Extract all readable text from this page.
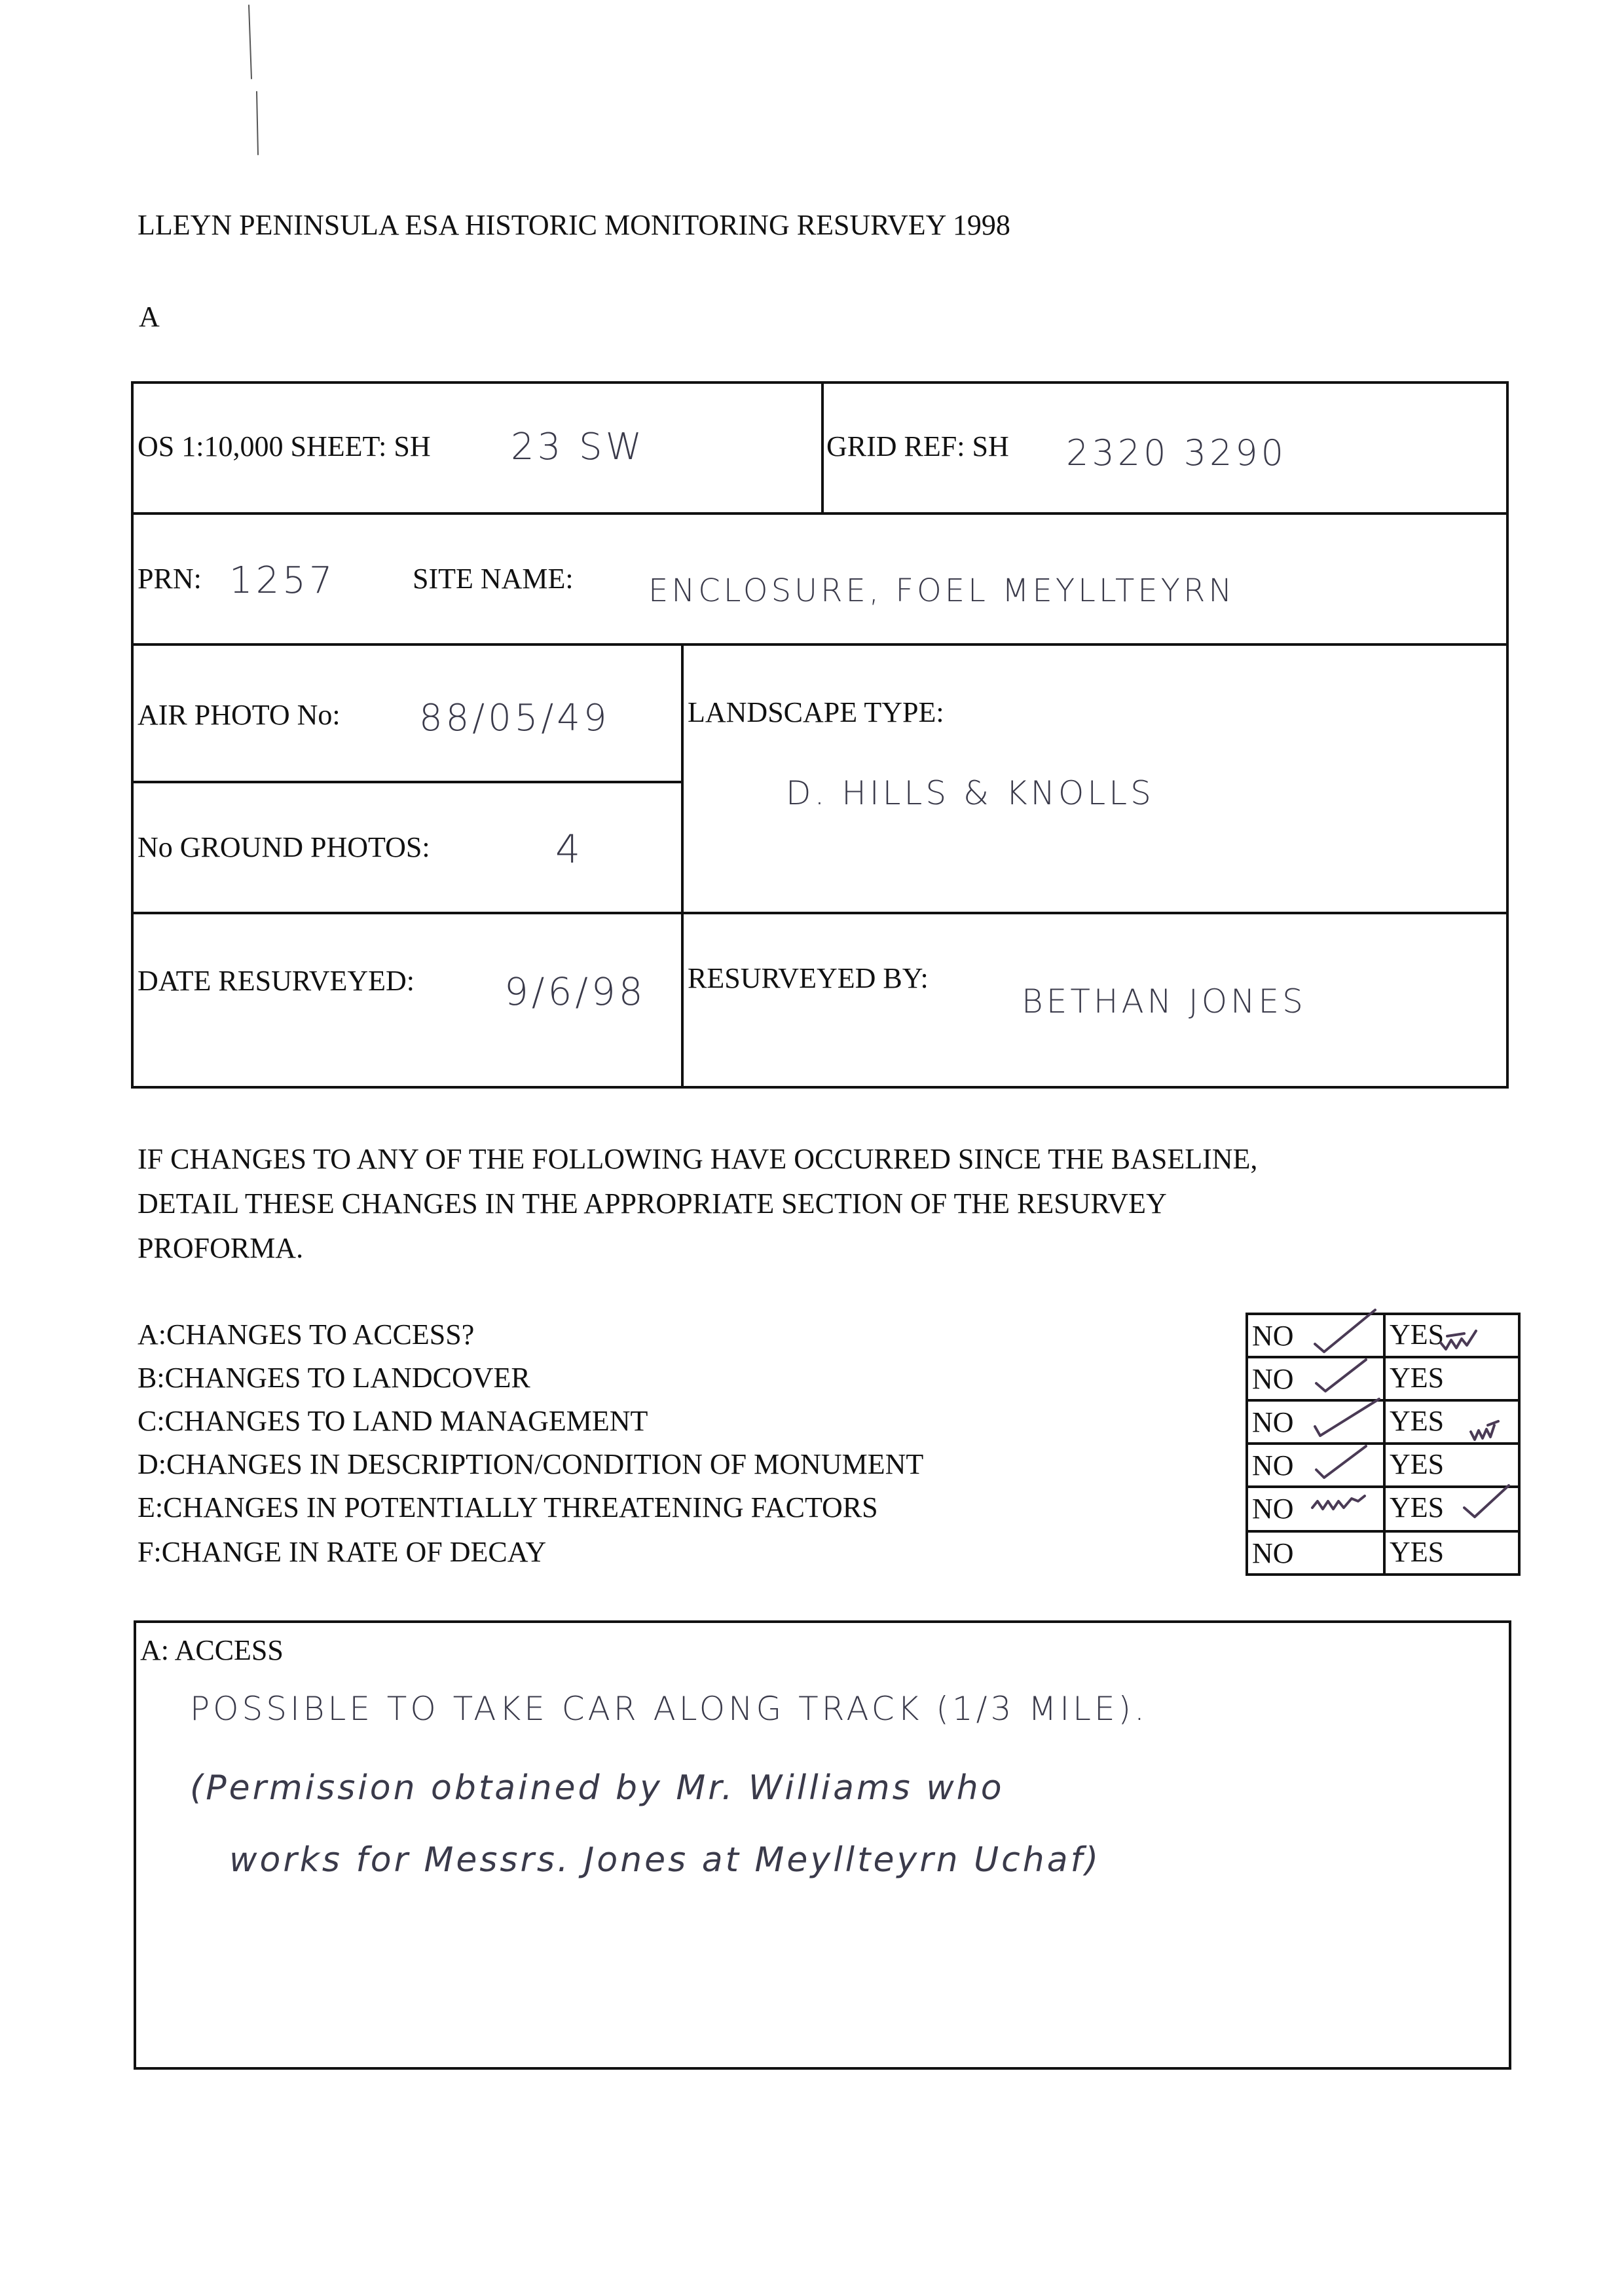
LLEYN PENINSULA ESA HISTORIC MONITORING RESURVEY 1998
A
OS 1:10,000 SHEET: SH 23 SW	GRID REF: SH 2320 3290
PRN: 1257	SITE NAME: ENCLOSURE, FOEL MEYLLTEYRN
AIR PHOTO No: 88/05/49	LANDSCAPE TYPE:
D. HILLS & KNOLLS
No GROUND PHOTOS:	4
DATE RESURVEYED: 9/6/98 RESURVEYED BY:
BETHAN JONES
IF CHANGES TO ANY OF THE FOLLOWING HAVE OCCURRED SINCE THE BASELINE,
DETAIL THESE CHANGES IN THE APPROPRIATE SECTION OF THE RESURVEY
PROFORMA.
A:CHANGES TO ACCESS?
B:CHANGES TO LANDCOVER
C:CHANGES TO LAND MANAGEMENT
D:CHANGES IN DESCRIPTION/CONDITION OF MONUMENT
E:CHANGES IN POTENTIALLY THREATENING FACTORS
F:CHANGE IN RATE OF DECAY
NO	YES
NO	YES
NO	YES
NO	YES
NO	YES
NO	YES
A: ACCESS
POSSIBLE TO TAKE CAR ALONG TRACK (1/3 MILE).
(Permission obtained by Mr. Williams who
works for Messrs. Jones at Meyllteyrn Uchaf)
